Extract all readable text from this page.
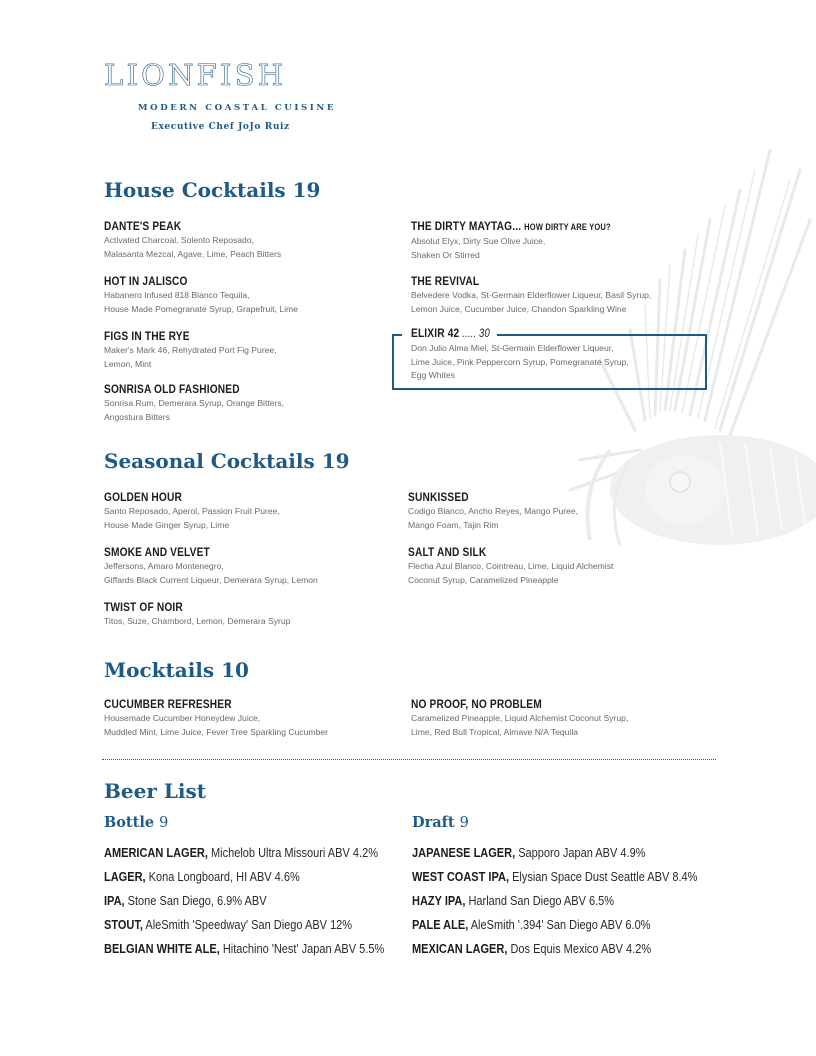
LIONFISH
MODERN COASTAL CUISINE
Executive Chef JoJo Ruiz
House Cocktails 19
DANTE'S PEAK
Activated Charcoal, Solento Reposado,
Malasanta Mezcal, Agave, Lime, Peach Bitters
HOT IN JALISCO
Habanero Infused 818 Blanco Tequila,
House Made Pomegranate Syrup, Grapefruit, Lime
FIGS IN THE RYE
Maker's Mark 46, Rehydrated Port Fig Puree,
Lemon, Mint
SONRISA OLD FASHIONED
Sonrisa Rum, Demerara Syrup, Orange Bitters,
Angostura Bitters
THE DIRTY MAYTAG... HOW DIRTY ARE YOU?
Absolut Elyx, Dirty Sue Olive Juice,
Shaken Or Stirred
THE REVIVAL
Belvedere Vodka, St-Germain Elderflower Liqueur, Basil Syrup,
Lemon Juice, Cucumber Juice, Chandon Sparkling Wine
ELIXIR 42 ..... 30
Don Julio Alma Miel, St-Germain Elderflower Liqueur,
Lime Juice, Pink Peppercorn Syrup, Pomegranate Syrup,
Egg Whites
Seasonal Cocktails 19
GOLDEN HOUR
Santo Reposado, Aperol, Passion Fruit Puree,
House Made Ginger Syrup, Lime
SMOKE AND VELVET
Jeffersons, Amaro Montenegro,
Giffards Black Current Liqueur, Demerara Syrup, Lemon
TWIST OF NOIR
Titos, Suze, Chambord, Lemon, Demerara Syrup
SUNKISSED
Codigo Blanco, Ancho Reyes, Mango Puree,
Mango Foam, Tajin Rim
SALT AND SILK
Flecha Azul Blanco, Cointreau, Lime, Liquid Alchemist
Coconut Syrup, Caramelized Pineapple
Mocktails 10
CUCUMBER REFRESHER
Housemade Cucumber Honeydew Juice,
Muddled Mint, Lime Juice, Fever Tree Sparkling Cucumber
NO PROOF, NO PROBLEM
Caramelized Pineapple, Liquid Alchemist Coconut Syrup,
Lime, Red Bull Tropical, Almave N/A Tequila
Beer List
Bottle 9	Draft 9
AMERICAN LAGER, Michelob Ultra Missouri ABV 4.2%
LAGER, Kona Longboard, HI ABV 4.6%
IPA, Stone San Diego, 6.9% ABV
STOUT, AleSmith 'Speedway' San Diego ABV 12%
BELGIAN WHITE ALE, Hitachino 'Nest' Japan ABV 5.5%
JAPANESE LAGER, Sapporo Japan ABV 4.9%
WEST COAST IPA, Elysian Space Dust Seattle ABV 8.4%
HAZY IPA, Harland San Diego ABV 6.5%
PALE ALE, AleSmith '.394' San Diego ABV 6.0%
MEXICAN LAGER, Dos Equis Mexico ABV 4.2%
